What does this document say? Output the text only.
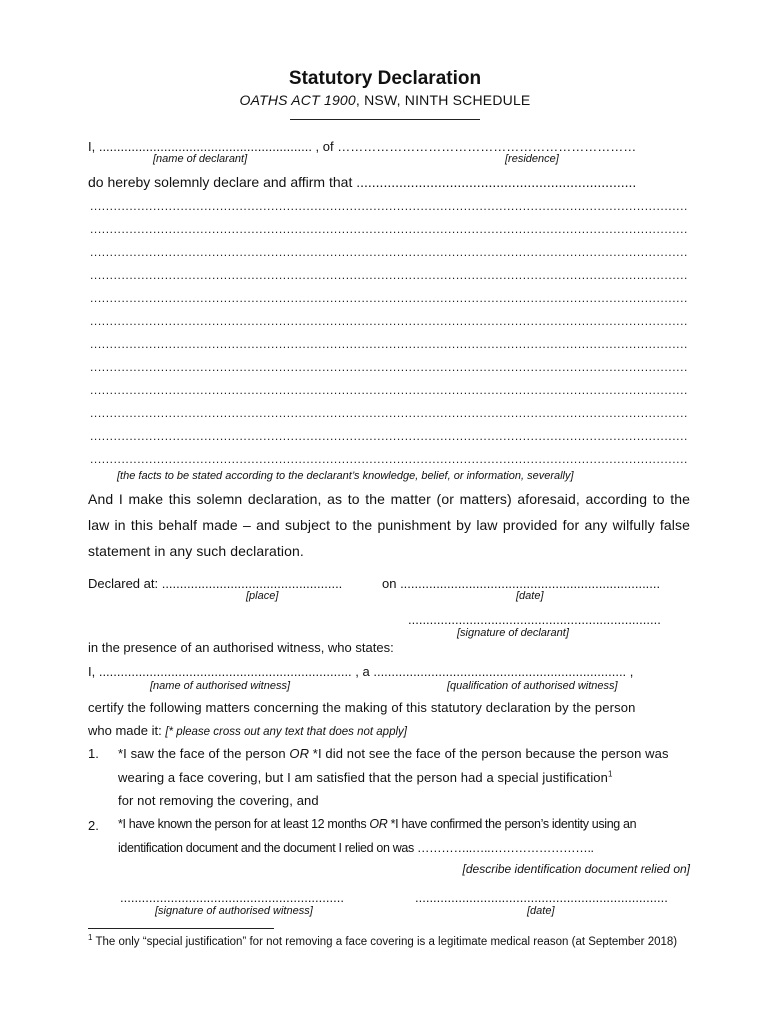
Statutory Declaration
OATHS ACT 1900, NSW, NINTH SCHEDULE
I, ........................................................... , of ……………………………………………………………
[name of declarant]	[residence]
do hereby solemnly declare and affirm that ........................................................................
.....
.....
.....
.....
.....
.....
.....
.....
.....
.....
.....
.....
[the facts to be stated according to the declarant’s knowledge, belief, or information, severally]
And I make this solemn declaration, as to the matter (or matters) aforesaid, according to the law in this behalf made – and subject to the punishment by law provided for any wilfully false statement in any such declaration.
Declared at: ..................................................	on ........................................................................
[place]	[date]
......................................................................
[signature of declarant]
in the presence of an authorised witness, who states:
I, ...................................................................... , a ...................................................................... ,
[name of authorised witness]	[qualification of authorised witness]
certify the following matters concerning the making of this statutory declaration by the person
who made it: [* please cross out any text that does not apply]
1. *I saw the face of the person OR *I did not see the face of the person because the person was wearing a face covering, but I am satisfied that the person had a special justification$^1$
for not removing the covering, and
2. *I have known the person for at least 12 months OR *I have confirmed the person’s identity using an identification document and the document I relied on was …………..…..……………………..
[describe identification document relied on]
..............................................................	......................................................................
[signature of authorised witness]	[date]
$^1$ The only “special justification” for not removing a face covering is a legitimate medical reason (at September 2018)
